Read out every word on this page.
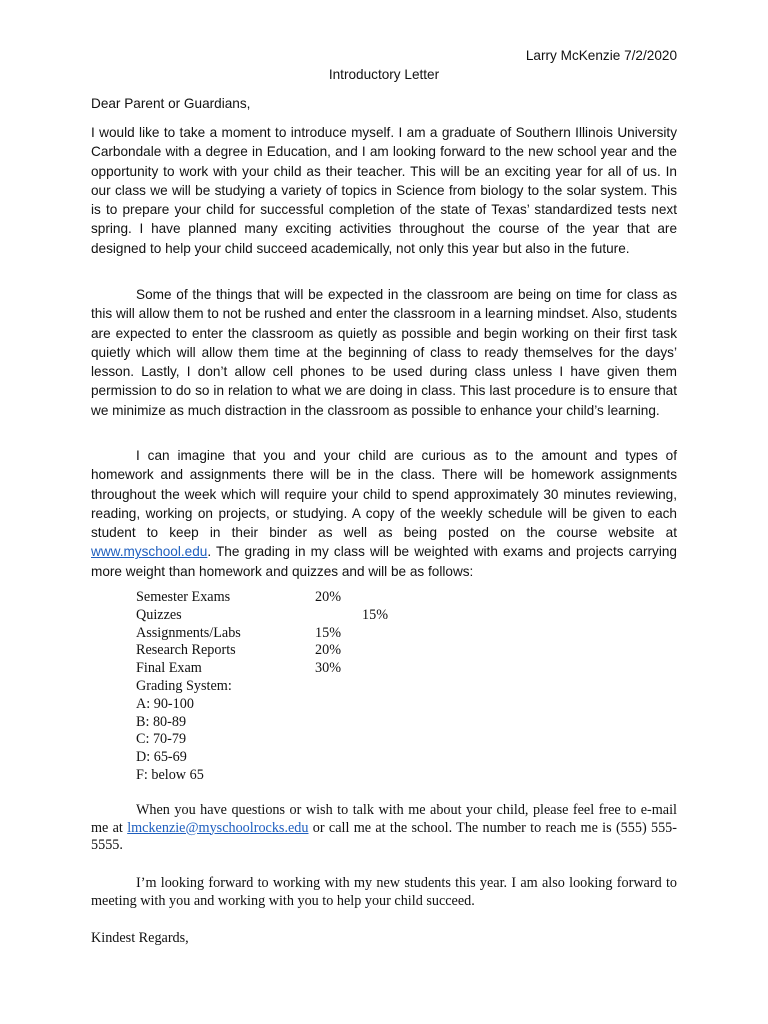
Larry McKenzie 7/2/2020
Introductory Letter
Dear Parent or Guardians,
I would like to take a moment to introduce myself. I am a graduate of Southern Illinois University Carbondale with a degree in Education, and I am looking forward to the new school year and the opportunity to work with your child as their teacher. This will be an exciting year for all of us. In our class we will be studying a variety of topics in Science from biology to the solar system. This is to prepare your child for successful completion of the state of Texas’ standardized tests next spring. I have planned many exciting activities throughout the course of the year that are designed to help your child succeed academically, not only this year but also in the future.
Some of the things that will be expected in the classroom are being on time for class as this will allow them to not be rushed and enter the classroom in a learning mindset. Also, students are expected to enter the classroom as quietly as possible and begin working on their first task quietly which will allow them time at the beginning of class to ready themselves for the days’ lesson. Lastly, I don’t allow cell phones to be used during class unless I have given them permission to do so in relation to what we are doing in class. This last procedure is to ensure that we minimize as much distraction in the classroom as possible to enhance your child’s learning.
I can imagine that you and your child are curious as to the amount and types of homework and assignments there will be in the class. There will be homework assignments throughout the week which will require your child to spend approximately 30 minutes reviewing, reading, working on projects, or studying. A copy of the weekly schedule will be given to each student to keep in their binder as well as being posted on the course website at www.myschool.edu. The grading in my class will be weighted with exams and projects carrying more weight than homework and quizzes and will be as follows:
Semester Exams	20%
Quizzes	15%
Assignments/Labs	15%
Research Reports	20%
Final Exam	30%
Grading System:
A: 90-100
B: 80-89
C: 70-79
D: 65-69
F: below 65
When you have questions or wish to talk with me about your child, please feel free to e-mail me at lmckenzie@myschoolrocks.edu or call me at the school. The number to reach me is (555) 555-5555.
I’m looking forward to working with my new students this year. I am also looking forward to meeting with you and working with you to help your child succeed.
Kindest Regards,
